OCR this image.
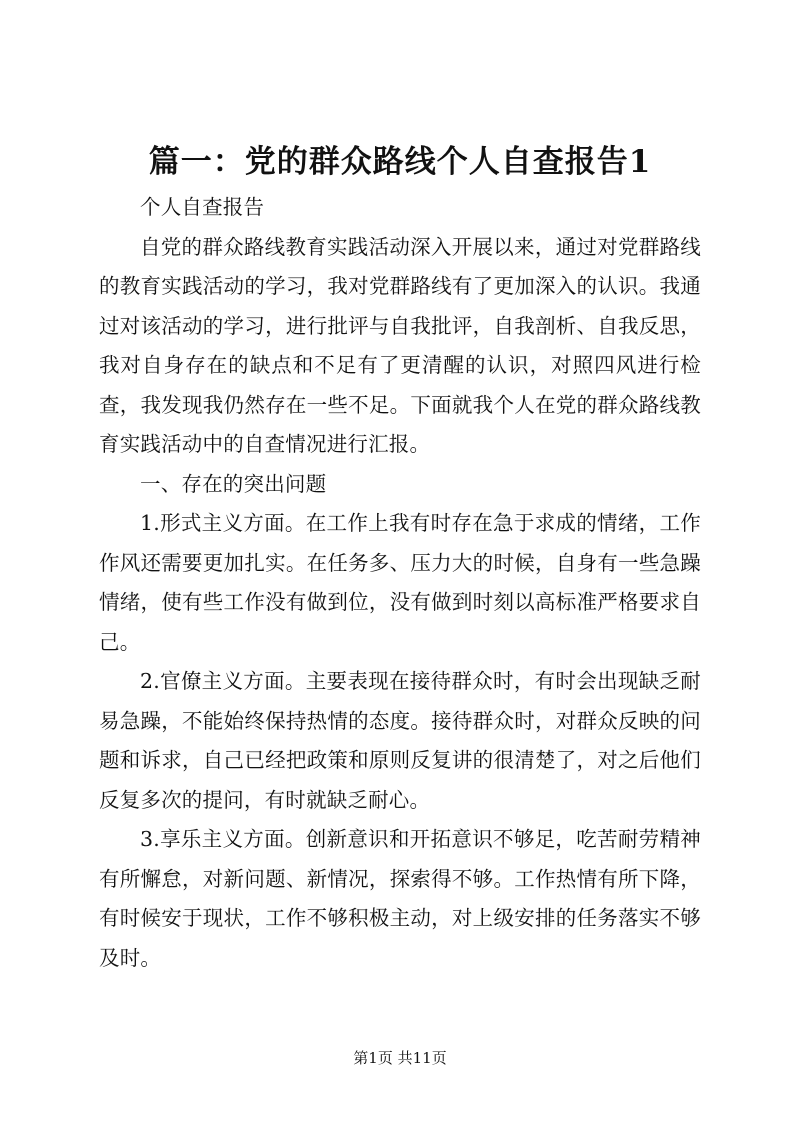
篇一：党的群众路线个人自查报告1

个人自查报告

自党的群众路线教育实践活动深入开展以来，通过对党群路线的教育实践活动的学习，我对党群路线有了更加深入的认识。我通过对该活动的学习，进行批评与自我批评，自我剖析、自我反思，我对自身存在的缺点和不足有了更清醒的认识，对照四风进行检查，我发现我仍然存在一些不足。下面就我个人在党的群众路线教育实践活动中的自查情况进行汇报。

一、存在的突出问题

1.形式主义方面。在工作上我有时存在急于求成的情绪，工作作风还需要更加扎实。在任务多、压力大的时候，自身有一些急躁情绪，使有些工作没有做到位，没有做到时刻以高标准严格要求自己。

2.官僚主义方面。主要表现在接待群众时，有时会出现缺乏耐易急躁，不能始终保持热情的态度。接待群众时，对群众反映的问题和诉求，自己已经把政策和原则反复讲的很清楚了，对之后他们反复多次的提问，有时就缺乏耐心。

3.享乐主义方面。创新意识和开拓意识不够足，吃苦耐劳精神有所懈怠，对新问题、新情况，探索得不够。工作热情有所下降，有时候安于现状，工作不够积极主动，对上级安排的任务落实不够及时。

第1页 共11页
